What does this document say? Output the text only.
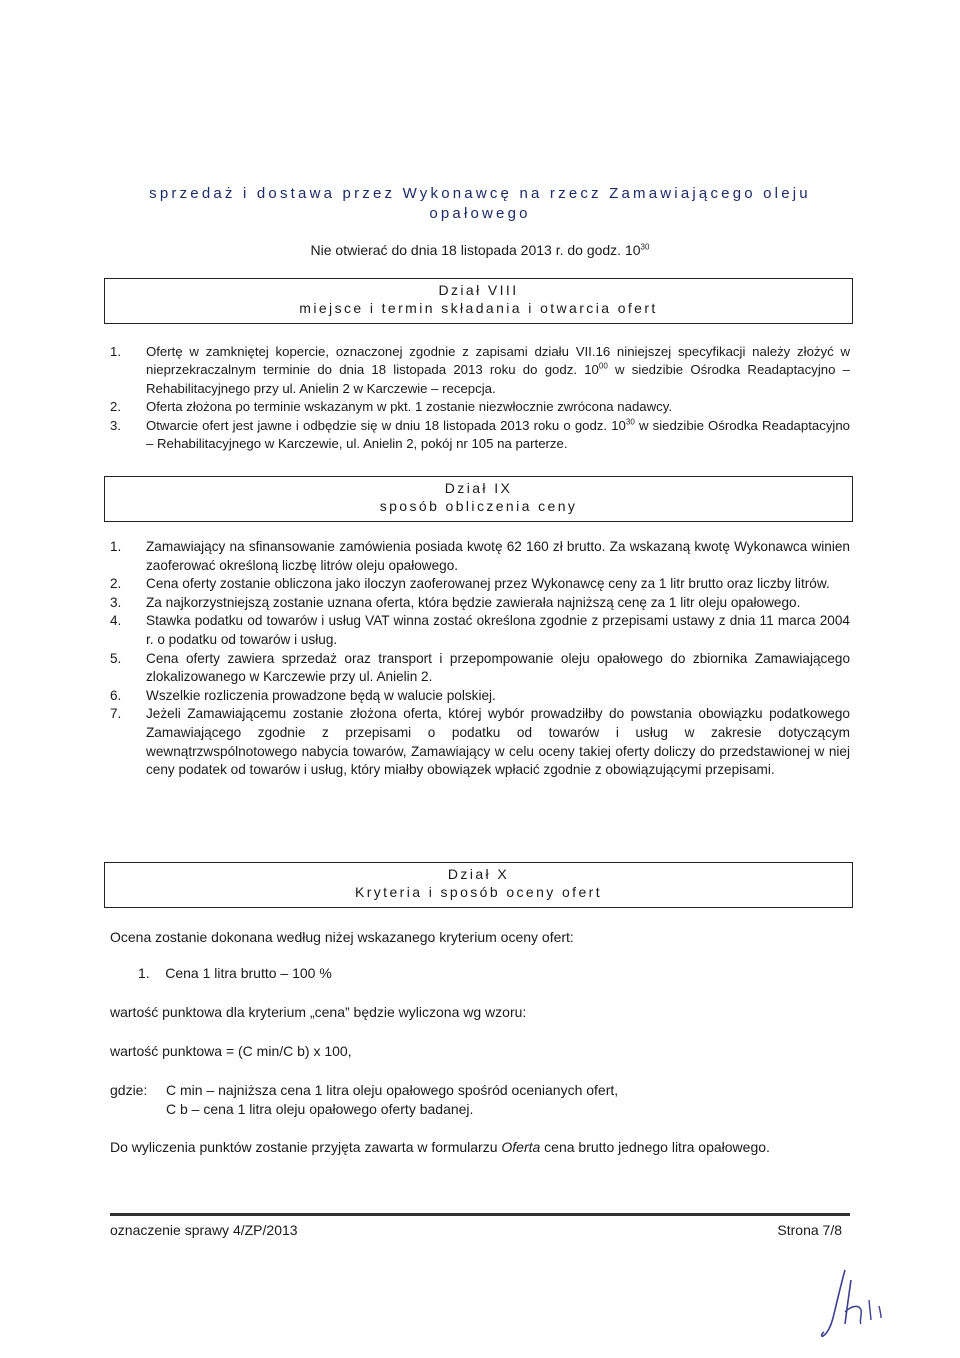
sprzedaż i dostawa przez Wykonawcę na rzecz Zamawiającego oleju
opałowego
Nie otwierać do dnia 18 listopada 2013 r. do godz. $10^{30}$
Dział VIII
miejsce i termin składania i otwarcia ofert
1. Ofertę w zamkniętej kopercie, oznaczonej zgodnie z zapisami działu VII.16 niniejszej specyfikacji należy złożyć w nieprzekraczalnym terminie do dnia 18 listopada 2013 roku do godz. $10^{00}$ w siedzibie Ośrodka Readaptacyjno – Rehabilitacyjnego przy ul. Anielin 2 w Karczewie – recepcja.
2. Oferta złożona po terminie wskazanym w pkt. 1 zostanie niezwłocznie zwrócona nadawcy.
3. Otwarcie ofert jest jawne i odbędzie się w dniu 18 listopada 2013 roku o godz. $10^{30}$ w siedzibie Ośrodka Readaptacyjno – Rehabilitacyjnego w Karczewie, ul. Anielin 2, pokój nr 105 na parterze.
Dział IX
sposób obliczenia ceny
1. Zamawiający na sfinansowanie zamówienia posiada kwotę 62 160 zł brutto. Za wskazaną kwotę Wykonawca winien zaoferować określoną liczbę litrów oleju opałowego.
2. Cena oferty zostanie obliczona jako iloczyn zaoferowanej przez Wykonawcę ceny za 1 litr brutto oraz liczby litrów.
3. Za najkorzystniejszą zostanie uznana oferta, która będzie zawierała najniższą cenę za 1 litr oleju opałowego.
4. Stawka podatku od towarów i usług VAT winna zostać określona zgodnie z przepisami ustawy z dnia 11 marca 2004 r. o podatku od towarów i usług.
5. Cena oferty zawiera sprzedaż oraz transport i przepompowanie oleju opałowego do zbiornika Zamawiającego zlokalizowanego w Karczewie przy ul. Anielin 2.
6. Wszelkie rozliczenia prowadzone będą w walucie polskiej.
7. Jeżeli Zamawiającemu zostanie złożona oferta, której wybór prowadziłby do powstania obowiązku podatkowego Zamawiającego zgodnie z przepisami o podatku od towarów i usług w zakresie dotyczącym wewnątrzwspólnotowego nabycia towarów, Zamawiający w celu oceny takiej oferty doliczy do przedstawionej w niej ceny podatek od towarów i usług, który miałby obowiązek wpłacić zgodnie z obowiązującymi przepisami.
Dział X
Kryteria i sposób oceny ofert

Ocena zostanie dokonana według niżej wskazanego kryterium oceny ofert:

1. Cena 1 litra brutto – 100 %

wartość punktowa dla kryterium „cena” będzie wyliczona wg wzoru:

wartość punktowa = (C min/C b) x 100,

gdzie: C min – najniższa cena 1 litra oleju opałowego spośród ocenianych ofert,
C b – cena 1 litra oleju opałowego oferty badanej.

Do wyliczenia punktów zostanie przyjęta zawarta w formularzu Oferta cena brutto jednego litra opałowego.

oznaczenie sprawy 4/ZP/2013	Strona 7/8
